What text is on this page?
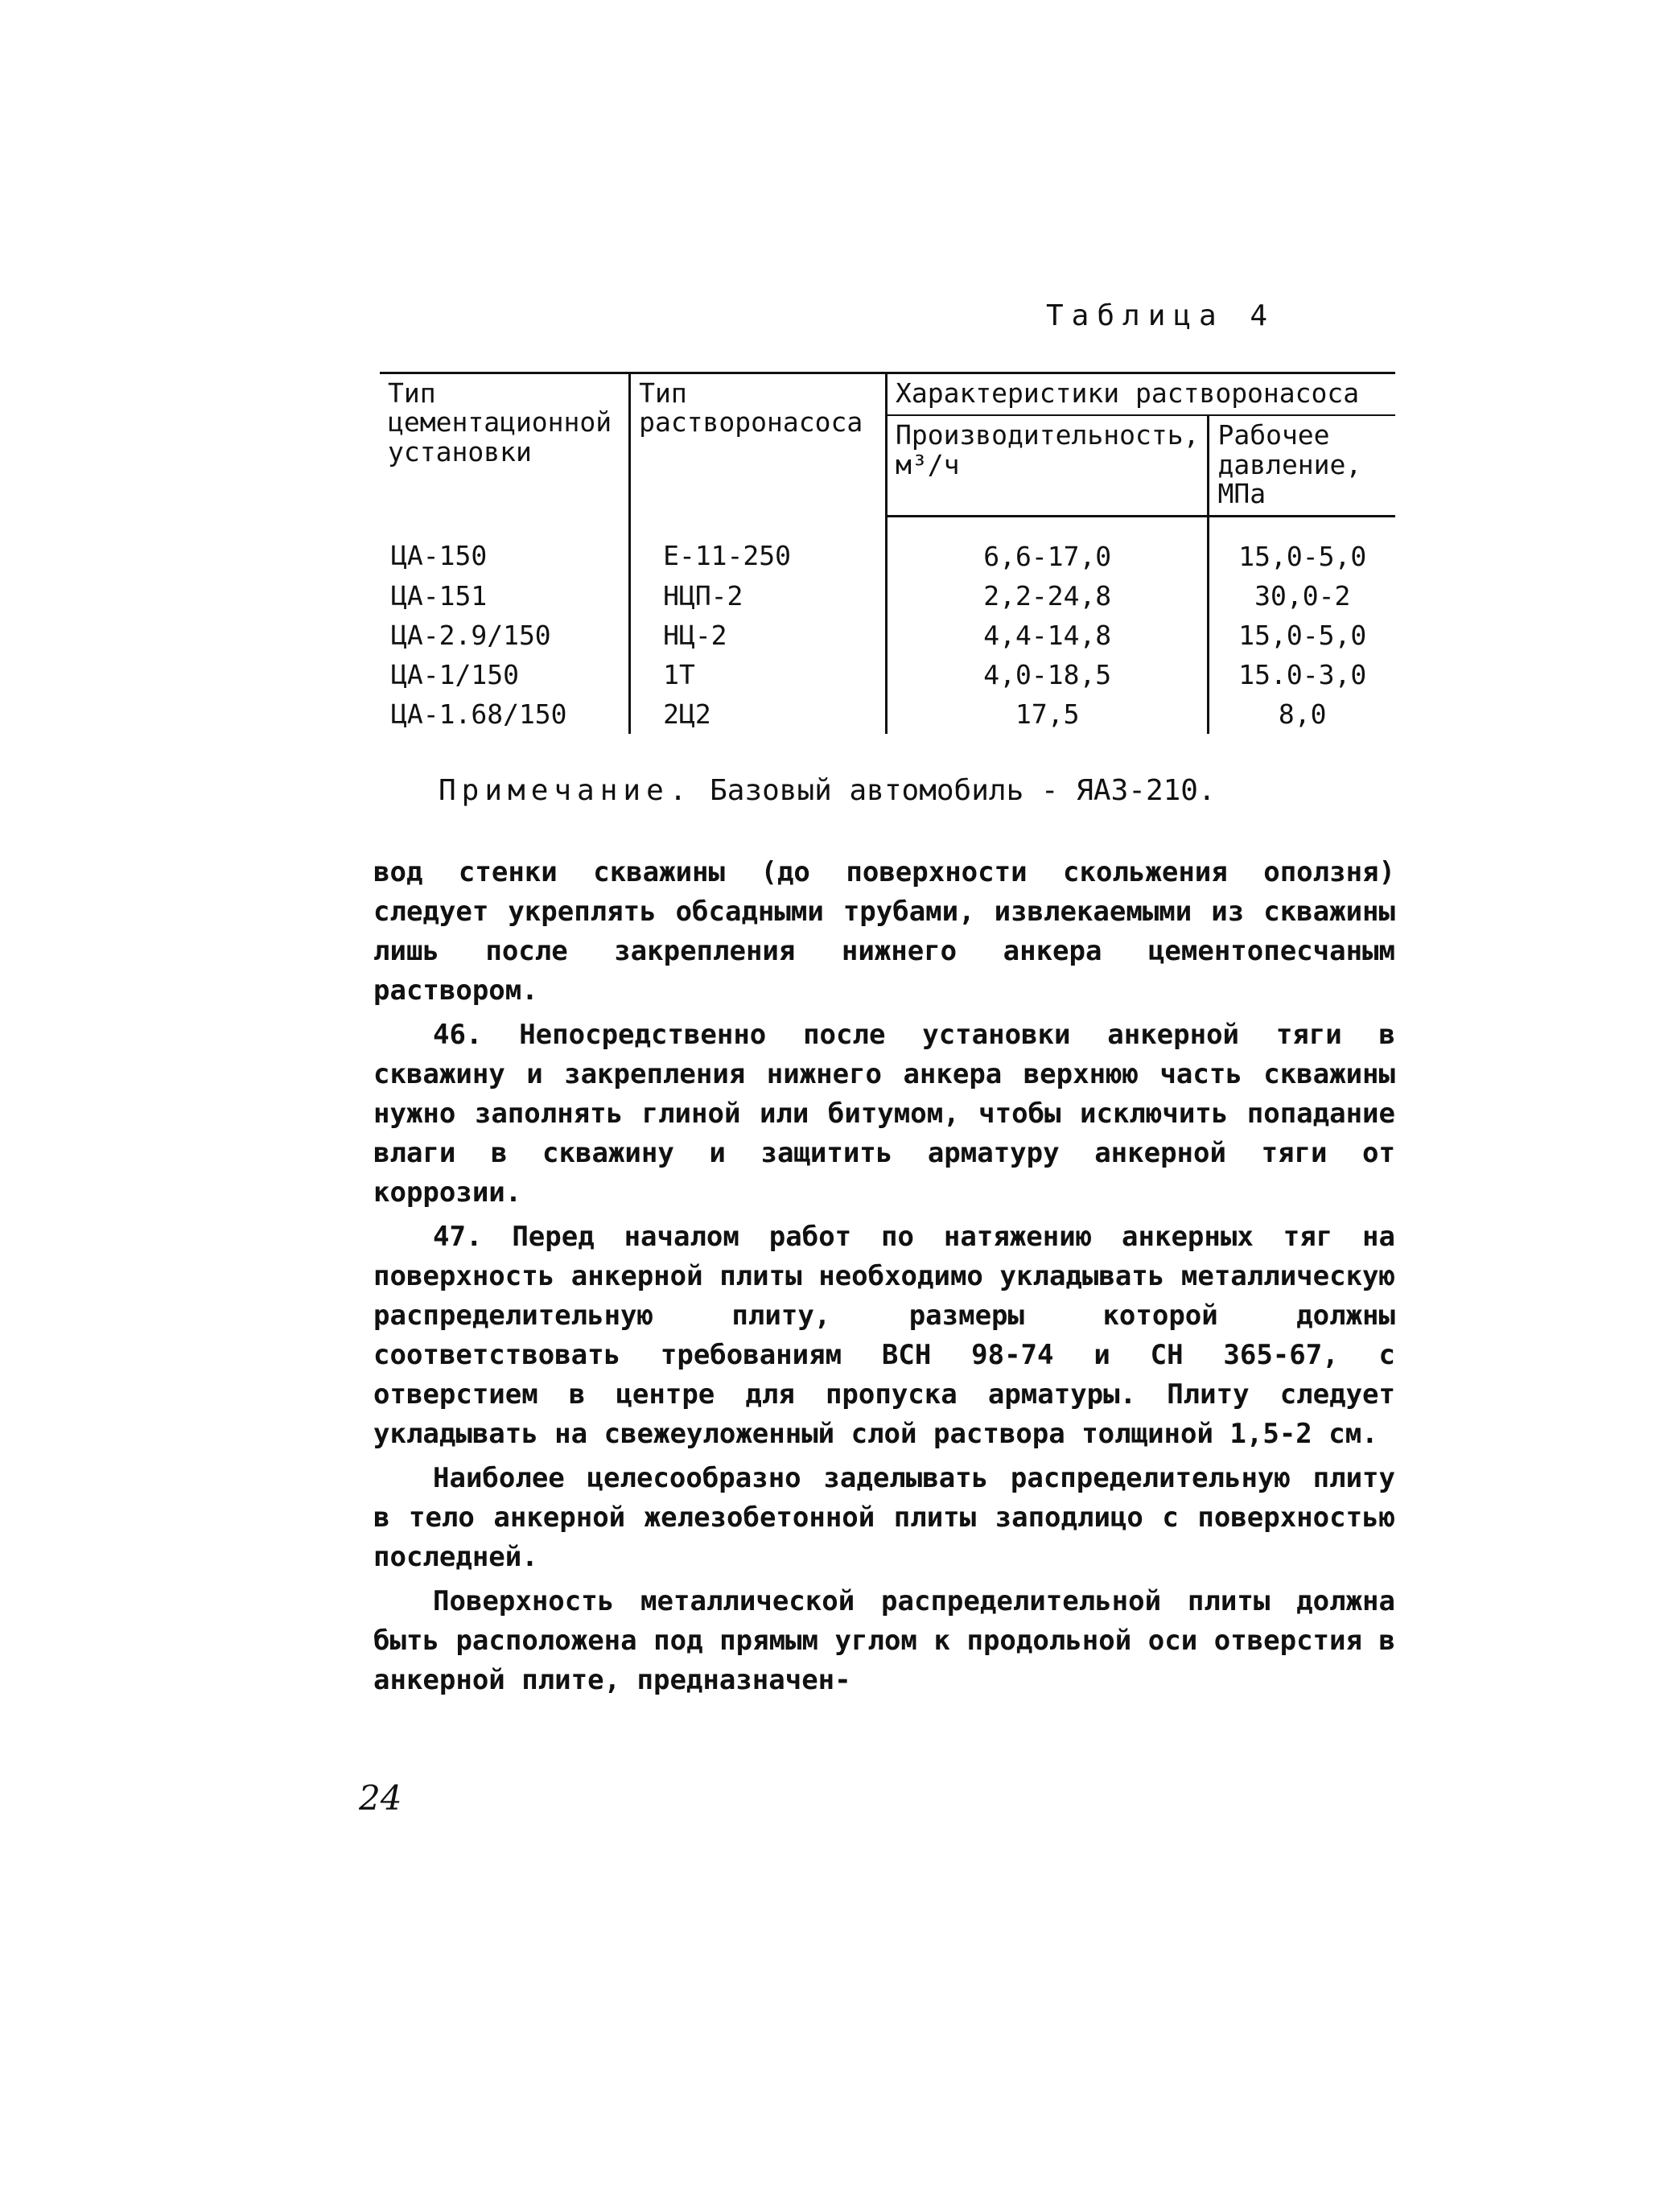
Таблица 4
Тип цементационной установки	Тип растворонасоса	Характеристики растворонасоса	
		Производительность, м³/ч	Рабочее давление, МПа
ЦА-150	Е-11-250	6,6-17,0	15,0-5,0
ЦА-151	НЦП-2	2,2-24,8	30,0-2
ЦА-2.9/150	НЦ-2	4,4-14,8	15,0-5,0
ЦА-1/150	1Т	4,0-18,5	15.0-3,0
ЦА-1.68/150	2Ц2	17,5	8,0
Примечание. Базовый автомобиль - ЯАЗ-210.

вод стенки скважины (до поверхности скольжения оползня) следует укреплять обсадными трубами, извлекаемыми из скважины лишь после закрепления нижнего анкера цементопесчаным раствором.

46. Непосредственно после установки анкерной тяги в скважину и закрепления нижнего анкера верхнюю часть скважины нужно заполнять глиной или битумом, чтобы исключить попадание влаги в скважину и защитить арматуру анкерной тяги от коррозии.

47. Перед началом работ по натяжению анкерных тяг на поверхность анкерной плиты необходимо укладывать металлическую распределительную плиту, размеры которой должны соответствовать требованиям ВСН 98-74 и СН 365-67, с отверстием в центре для пропуска арматуры. Плиту следует укладывать на свежеуложенный слой раствора толщиной 1,5-2 см.

Наиболее целесообразно заделывать распределительную плиту в тело анкерной железобетонной плиты заподлицо с поверхностью последней.

Поверхность металлической распределительной плиты должна быть расположена под прямым углом к продольной оси отверстия в анкерной плите, предназначен-

24
